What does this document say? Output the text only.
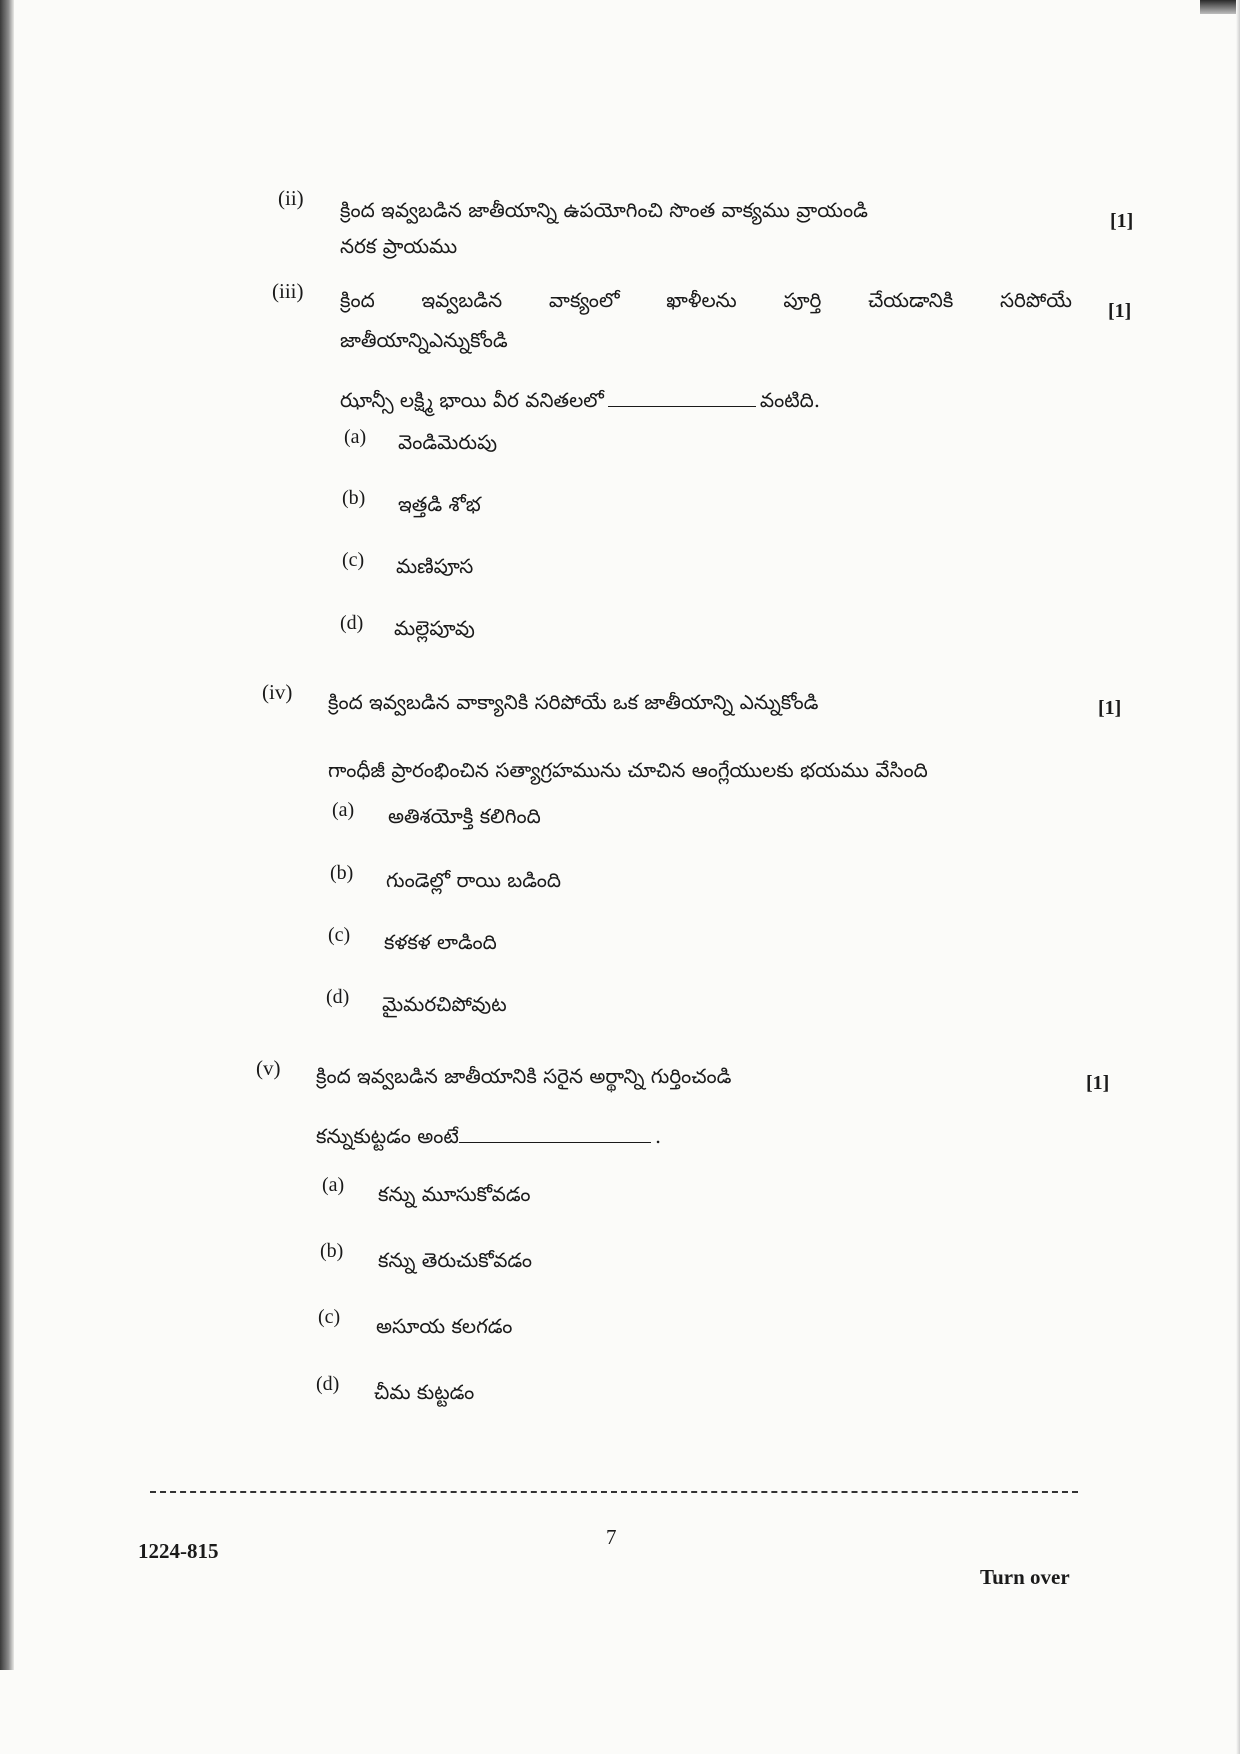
(ii) క్రింద ఇవ్వబడిన జాతీయాన్ని ఉపయోగించి సొంత వాక్యము వ్రాయండి	[1]
నరక ప్రాయము
(iii) క్రింద ఇవ్వబడిన వాక్యంలో ఖాళీలను పూర్తి చేయడానికి సరిపోయే [1]
జాతీయాన్నిఎన్నుకోండి
ఝాన్సీ లక్ష్మి భాయి వీర వనితలలో	వంటిది.
(a) వెండిమెరుపు
(b) ఇత్తడి శోభ
(c) మణిపూస
(d) మల్లెపూవు
(iv) క్రింద ఇవ్వబడిన వాక్యానికి సరిపోయే ఒక జాతీయాన్ని ఎన్నుకోండి	[1]
గాంధీజీ ప్రారంభించిన సత్యాగ్రహమును చూచిన ఆంగ్లేయులకు భయము వేసింది
(a) అతిశయోక్తి కలిగింది
(b) గుండెల్లో రాయి బడింది
(c) కళకళ లాడింది
(d) మైమరచిపోవుట
(v) క్రింద ఇవ్వబడిన జాతీయానికి సరైన అర్థాన్ని గుర్తించండి	[1]
కన్నుకుట్టడం అంటే	.
(a) కన్ను మూసుకోవడం
(b) కన్ను తెరుచుకోవడం
(c) అసూయ కలగడం
(d) చీమ కుట్టడం
7
1224-815
Turn over
